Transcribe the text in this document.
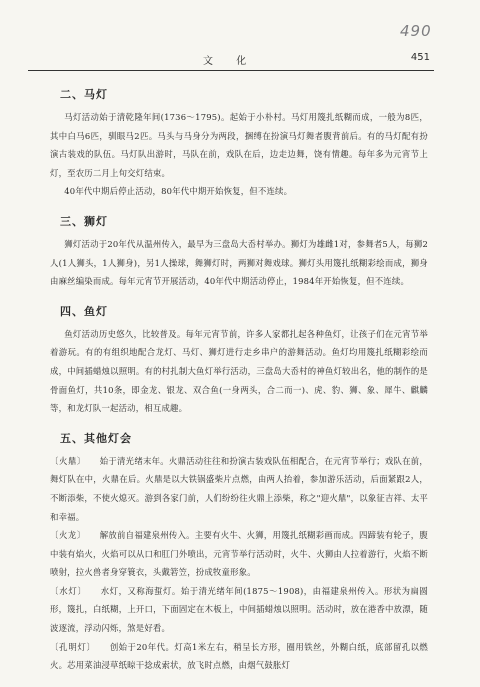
490
文 化	451
二、马灯

马灯活动始于清乾隆年间(1736～1795)。起始于小朴村。马灯用篾扎纸糊而成，一般为8匹，其中白马6匹，驯眼马2匹。马头与马身分为两段，捆缚在扮演马灯舞者腹背前后。有的马灯配有扮演古装戏的队伍。马灯队出游时，马队在前，戏队在后，边走边舞，饶有情趣。每年多为元宵节上灯，至农历二月上旬交灯结束。

40年代中期后停止活动，80年代中期开始恢复，但不连续。

三、狮灯

狮灯活动于20年代从温州传入，最早为三盘岛大岙村举办。狮灯为雄雌1对，参舞者5人，每狮2人(1人狮头，1人狮身)，另1人操球，舞狮灯时，两狮对舞戏球。狮灯头用篾扎纸糊彩绘而成，狮身由麻丝编染而成。每年元宵节开展活动，40年代中期活动停止，1984年开始恢复，但不连续。

四、鱼灯

鱼灯活动历史悠久，比较普及。每年元宵节前，许多人家都扎起各种鱼灯，让孩子们在元宵节举着游玩。有的有组织地配合龙灯、马灯、狮灯进行走乡串户的游舞活动。鱼灯均用篾扎纸糊彩绘而成，中间插蜡烛以照明。有的村扎制大鱼灯举行活动，三盘岛大岙村的神鱼灯较出名，他的制作的是骨面鱼灯，共10条，即金龙、银龙、双合鱼(一身两头，合二而一)、虎、豹、狮、象、犀牛、麒麟等，和龙灯队一起活动，相互成趣。

五、其他灯会

〔火鼎〕 始于清光绪末年。火鼎活动往往和扮演古装戏队伍相配合，在元宵节举行；戏队在前，舞灯队在中，火鼎在后。火鼎是以大铁锅盛柴片点燃，由两人抬着，参加游乐活动，后面紧跟2人，不断添柴，不使火熄灭。游到各家门前，人们纷纷往火鼎上添柴，称之"迎火鼎"，以象征吉祥、太平和幸福。

〔火龙〕 解放前自福建泉州传入。主要有火牛、火狮，用篾扎纸糊彩画而成。四蹄装有轮子，腹中装有焰火，火焰可以从口和肛门外喷出，元宵节举行活动时，火牛、火狮由人拉着游行，火焰不断喷射，拉火兽者身穿簑衣，头戴箬笠，扮成牧童形象。

〔水灯〕 水灯，又称海蜇灯。始于清光绪年间(1875～1908)，由福建泉州传入。形状为扁圆形，篾扎，白纸糊，上开口，下面固定在木板上，中间插蜡烛以照明。活动时，放在港香中放漂，随波逐流，浮动闪烁，煞是好看。

〔孔明灯〕 创始于20年代。灯高1米左右，稍呈长方形，圈用铁丝，外糊白纸，底部留孔以燃火。芯用菜油浸草纸晾干捻成索状，放飞时点燃，由烟气鼓胀灯
